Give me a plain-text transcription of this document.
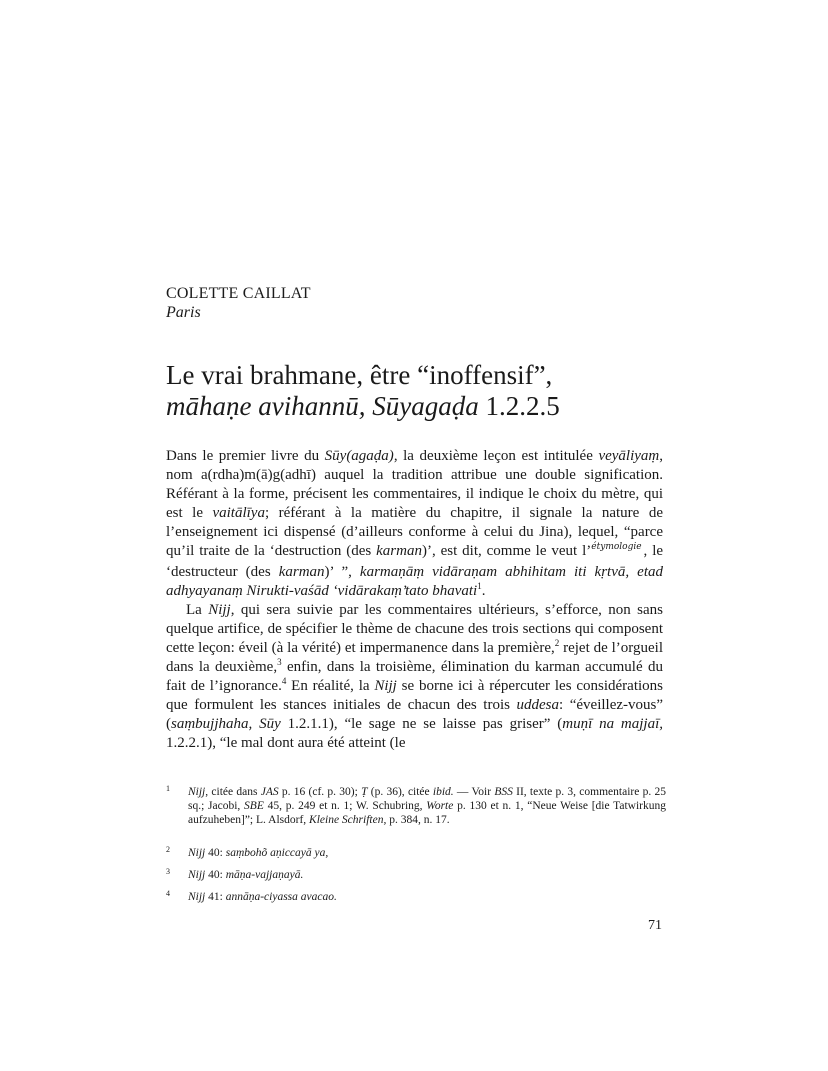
COLETTE CAILLAT
Paris
Le vrai brahmane, être “inoffensif”,
māhaṇe avihannū, Sūyagaḍa 1.2.2.5

Dans le premier livre du Sūy(agaḍa), la deuxième leçon est intitulée veyāliyaṃ, nom a(rdha)m(ā)g(adhī) auquel la tradition attribue une double signification. Référant à la forme, précisent les commentaires, il indique le choix du mètre, qui est le vaitālīya; référant à la matière du chapitre, il signale la nature de l’enseignement ici dispensé (d’ailleurs conforme à celui du Jina), lequel, “parce qu’il traite de la ‘destruction (des karman)’, est dit, comme le veut l’$^{étymologie}$ , le ‘destructeur (des karman)’ ”, karmaṇāṃ vidāraṇam abhihitam iti kṛtvā, etad adhyayanaṃ Nirukti-vaśād ‘vidārakaṃ’tato bhavati$^1$.

La Nijj, qui sera suivie par les commentaires ultérieurs, s’efforce, non sans quelque artifice, de spécifier le thème de chacune des trois sections qui composent cette leçon: éveil (à la vérité) et impermanence dans la première,$^2$ rejet de l’orgueil dans la deuxième,$^3$ enfin, dans la troisième, élimination du karman accumulé du fait de l’ignorance.$^4$ En réalité, la Nijj se borne ici à répercuter les considérations que formulent les stances initiales de chacun des trois uddesa: “éveillez-vous” (saṃbujjhaha, Sūy 1.2.1.1), “le sage ne se laisse pas griser” (muṇī na majjaī, 1.2.2.1), “le mal dont aura été atteint (le

1	Nijj, citée dans JAS p. 16 (cf. p. 30); Ṭ (p. 36), citée ibid. — Voir BSS II, texte p. 3, commentaire p. 25 sq.; Jacobi, SBE 45, p. 249 et n. 1; W. Schubring, Worte p. 130 et n. 1, “Neue Weise [die Tatwirkung aufzuheben]”; L. Alsdorf, Kleine Schriften, p. 384, n. 17.
2	Nijj 40: saṃbohõ aṇiccayā ya,
3	Nijj 40: māṇa-vajjaṇayā.
4	Nijj 41: annāṇa-ciyassa avacao.
71
